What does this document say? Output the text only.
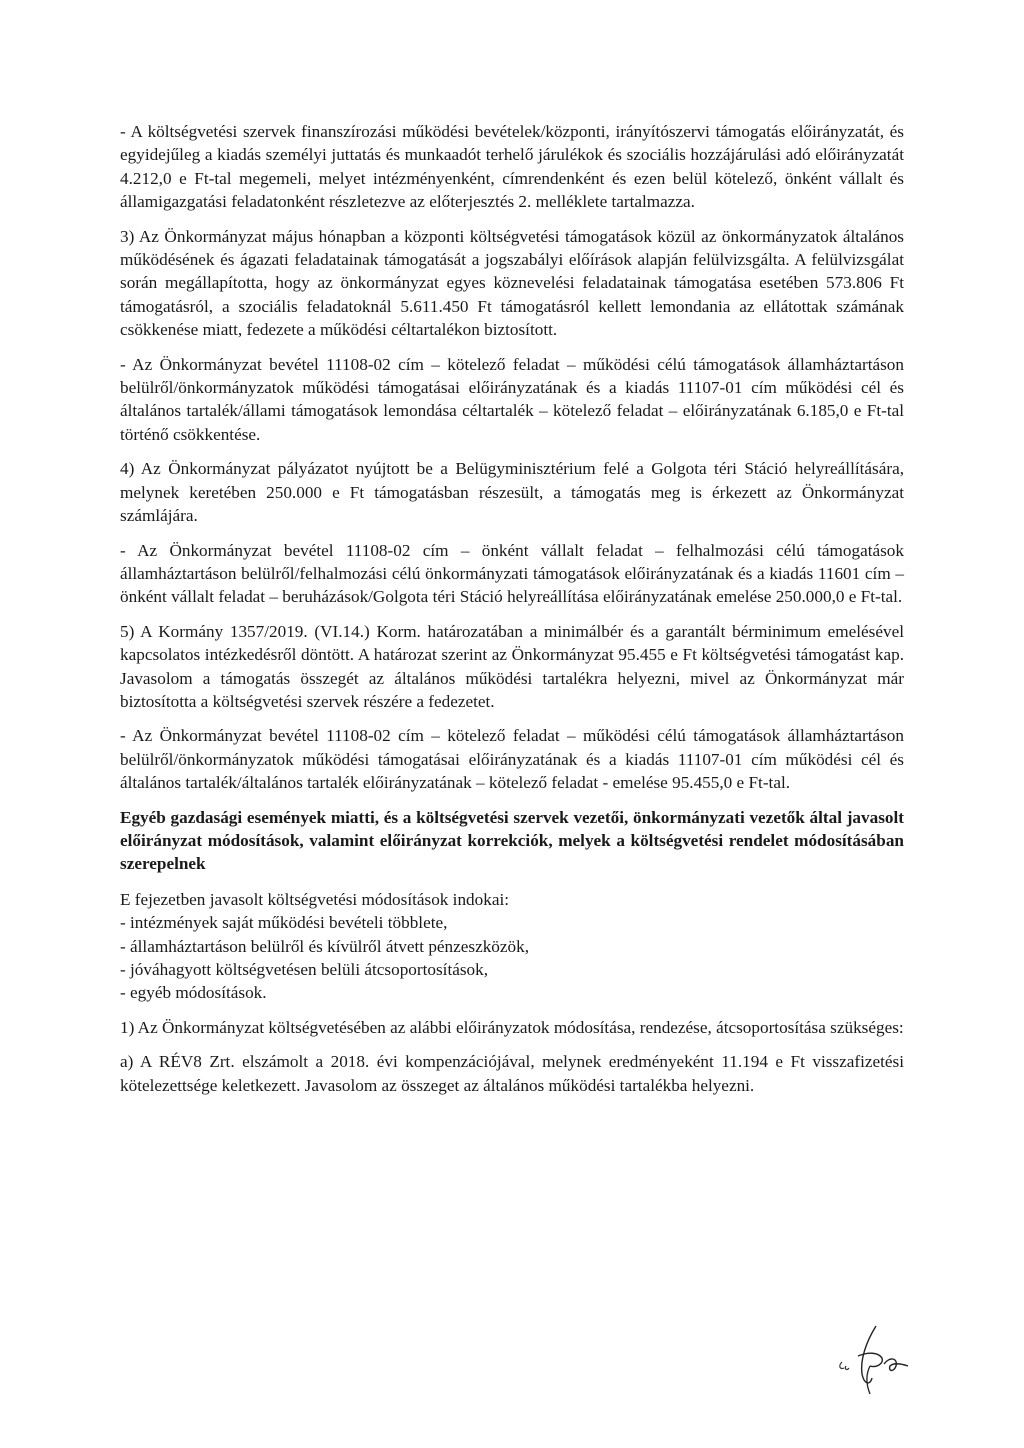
- A költségvetési szervek finanszírozási működési bevételek/központi, irányítószervi támogatás előirányzatát, és egyidejűleg a kiadás személyi juttatás és munkaadót terhelő járulékok és szociális hozzájárulási adó előirányzatát 4.212,0 e Ft-tal megemeli, melyet intézményenként, címrendenként és ezen belül kötelező, önként vállalt és államigazgatási feladatonként részletezve az előterjesztés 2. melléklete tartalmazza.

3) Az Önkormányzat május hónapban a központi költségvetési támogatások közül az önkormányzatok általános működésének és ágazati feladatainak támogatását a jogszabályi előírások alapján felülvizsgálta. A felülvizsgálat során megállapította, hogy az önkormányzat egyes köznevelési feladatainak támogatása esetében 573.806 Ft támogatásról, a szociális feladatoknál 5.611.450 Ft támogatásról kellett lemondania az ellátottak számának csökkenése miatt, fedezete a működési céltartalékon biztosított.

- Az Önkormányzat bevétel 11108-02 cím – kötelező feladat – működési célú támogatások államháztartáson belülről/önkormányzatok működési támogatásai előirányzatának és a kiadás 11107-01 cím működési cél és általános tartalék/állami támogatások lemondása céltartalék – kötelező feladat – előirányzatának 6.185,0 e Ft-tal történő csökkentése.

4) Az Önkormányzat pályázatot nyújtott be a Belügyminisztérium felé a Golgota téri Stáció helyreállítására, melynek keretében 250.000 e Ft támogatásban részesült, a támogatás meg is érkezett az Önkormányzat számlájára.

- Az Önkormányzat bevétel 11108-02 cím – önként vállalt feladat – felhalmozási célú támogatások államháztartáson belülről/felhalmozási célú önkormányzati támogatások előirányzatának és a kiadás 11601 cím – önként vállalt feladat – beruházások/Golgota téri Stáció helyreállítása előirányzatának emelése 250.000,0 e Ft-tal.

5) A Kormány 1357/2019. (VI.14.) Korm. határozatában a minimálbér és a garantált bérminimum emelésével kapcsolatos intézkedésről döntött. A határozat szerint az Önkormányzat 95.455 e Ft költségvetési támogatást kap. Javasolom a támogatás összegét az általános működési tartalékra helyezni, mivel az Önkormányzat már biztosította a költségvetési szervek részére a fedezetet.

- Az Önkormányzat bevétel 11108-02 cím – kötelező feladat – működési célú támogatások államháztartáson belülről/önkormányzatok működési támogatásai előirányzatának és a kiadás 11107-01 cím működési cél és általános tartalék/általános tartalék előirányzatának – kötelező feladat - emelése 95.455,0 e Ft-tal.

Egyéb gazdasági események miatti, és a költségvetési szervek vezetői, önkormányzati vezetők által javasolt előirányzat módosítások, valamint előirányzat korrekciók, melyek a költségvetési rendelet módosításában szerepelnek

E fejezetben javasolt költségvetési módosítások indokai:
- intézmények saját működési bevételi többlete,
- államháztartáson belülről és kívülről átvett pénzeszközök,
- jóváhagyott költségvetésen belüli átcsoportosítások,
- egyéb módosítások.

1) Az Önkormányzat költségvetésében az alábbi előirányzatok módosítása, rendezése, átcsoportosítása szükséges:

a) A RÉV8 Zrt. elszámolt a 2018. évi kompenzációjával, melynek eredményeként 11.194 e Ft visszafizetési kötelezettsége keletkezett. Javasolom az összeget az általános működési tartalékba helyezni.
